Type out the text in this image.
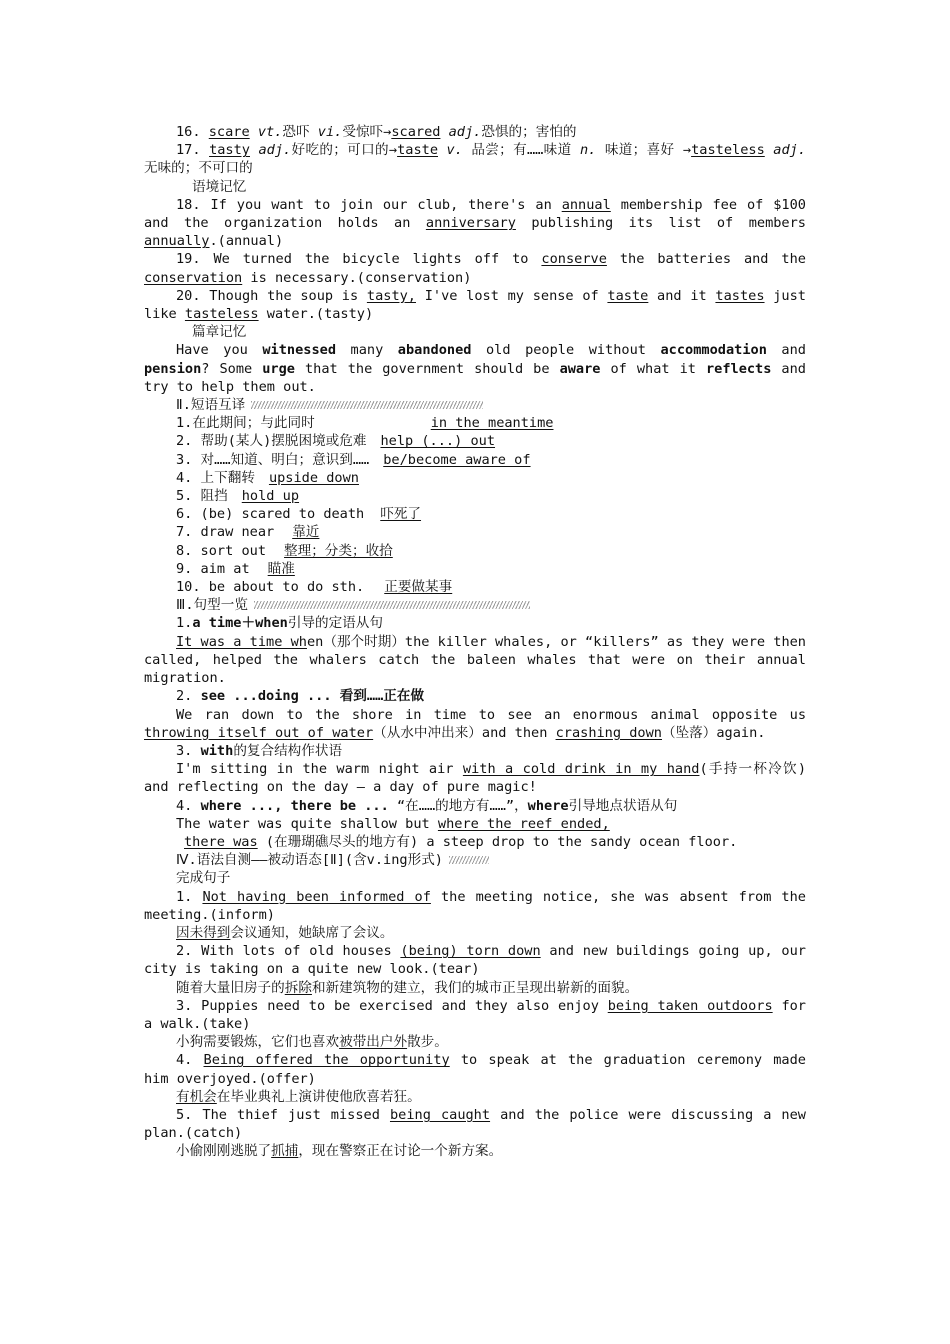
16. scare vt.恐吓 vi.受惊吓→scared adj.恐惧的；害怕的

17. tasty adj.好吃的；可口的→taste v. 品尝；有……味道 n. 味道；喜好 →tasteless adj.无味的；不可口的

语境记忆

18. If you want to join our club, there's an annual membership fee of $100 and the organization holds an anniversary publishing its list of members annually.(annual)

19. We turned the bicycle lights off to conserve the batteries and the conservation is necessary.(conservation)

20. Though the soup is tasty, I've lost my sense of taste and it tastes just like tasteless water.(tasty)

篇章记忆

Have you witnessed many abandoned old people without accommodation and pension? Some urge that the government should be aware of what it reflects and try to help them out.

Ⅱ.短语互译

1.在此期间；与此同时	in the meantime

2. 帮助(某人)摆脱困境或危难 help (...) out

3. 对……知道、明白；意识到…… be/become aware of

4. 上下翻转 upside down

5. 阻挡 hold up

6. (be) scared to death 吓死了

7. draw near 靠近

8. sort out 整理；分类；收拾

9. aim at 瞄准

10. be about to do sth. 正要做某事

Ⅲ.句型一览

1.a time＋when引导的定语从句

It was a time when（那个时期）the killer whales, or “killers” as they were then called, helped the whalers catch the baleen whales that were on their annual migration.

2. see ...doing ... 看到……正在做

We ran down to the shore in time to see an enormous animal opposite us throwing itself out of water（从水中冲出来）and then crashing down（坠落）again.

3. with的复合结构作状语

I'm sitting in the warm night air with a cold drink in my hand(手持一杯冷饮) and reflecting on the day — a day of pure magic!

4. where ..., there be ... “在……的地方有……”，where引导地点状语从句

The water was quite shallow but where the reef ended,

there was (在珊瑚礁尽头的地方有) a steep drop to the sandy ocean floor.

Ⅳ.语法自测——被动语态[Ⅱ](含v.ing形式)

完成句子

1. Not having been informed of the meeting notice, she was absent from the meeting.(inform)

因未得到会议通知，她缺席了会议。

2. With lots of old houses (being) torn down and new buildings going up, our city is taking on a quite new look.(tear)

随着大量旧房子的拆除和新建筑物的建立，我们的城市正呈现出崭新的面貌。

3. Puppies need to be exercised and they also enjoy being taken outdoors for a walk.(take)

小狗需要锻炼，它们也喜欢被带出户外散步。

4. Being offered the opportunity to speak at the graduation ceremony made him overjoyed.(offer)

有机会在毕业典礼上演讲使他欣喜若狂。

5. The thief just missed being caught and the police were discussing a new plan.(catch)

小偷刚刚逃脱了抓捕，现在警察正在讨论一个新方案。
